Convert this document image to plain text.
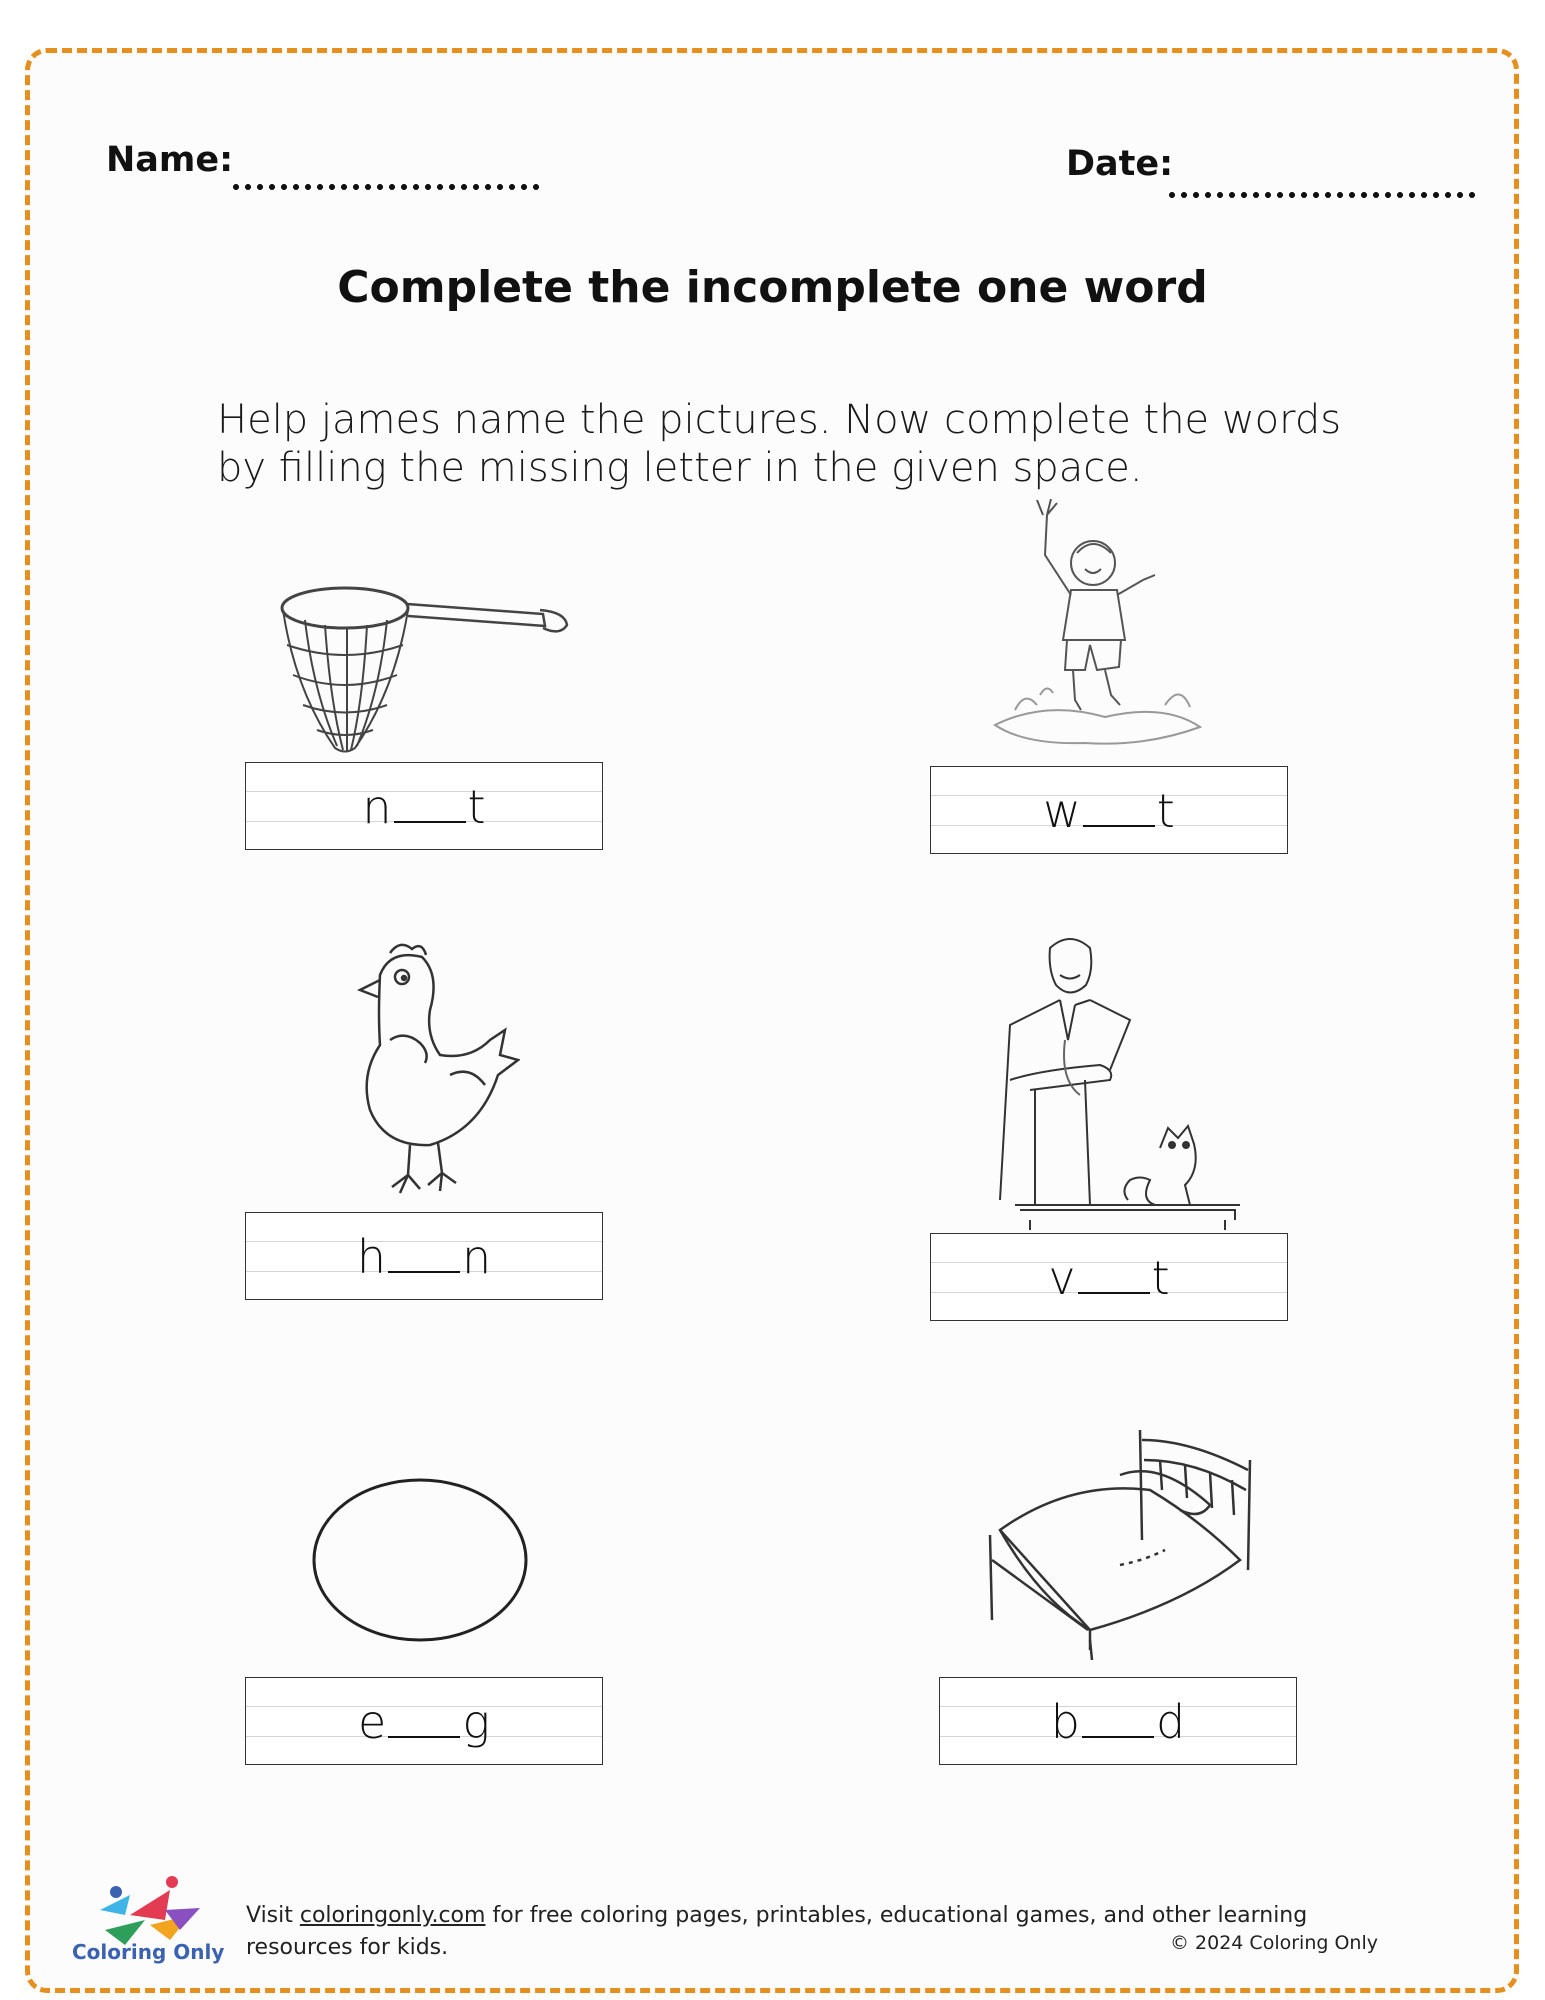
Name:	Date:
Complete the incomplete one word
Help james name the pictures. Now complete the words
by filling the missing letter in the given space.
n t	w t
h n	v t
e g	b d
Coloring Only
Visit coloringonly.com for free coloring pages, printables, educational games, and other learning resources for kids.	© 2024 Coloring Only
